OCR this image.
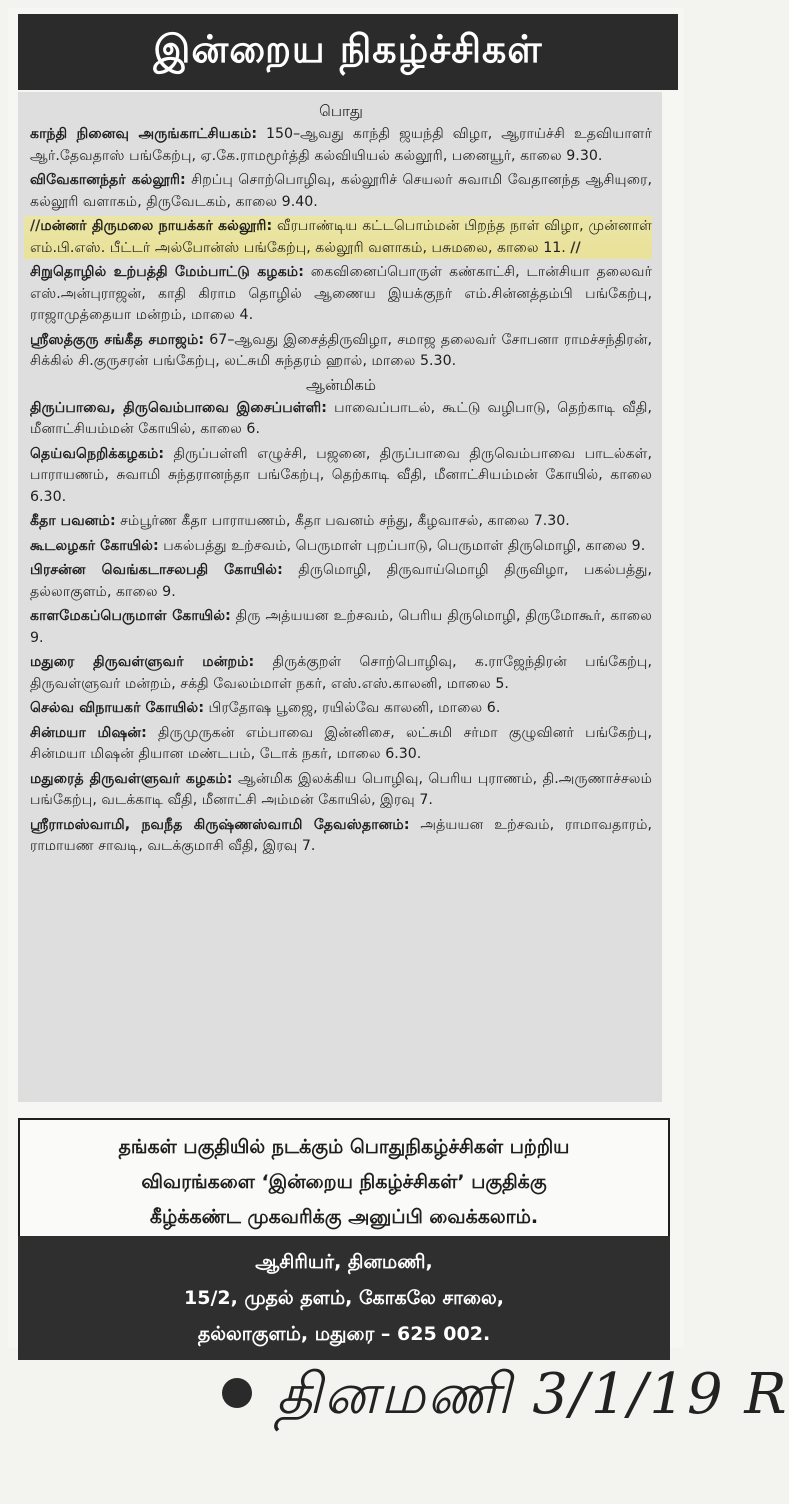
இன்றைய நிகழ்ச்சிகள்
பொது

காந்தி நினைவு அருங்காட்சியகம்: 150–ஆவது காந்தி ஜயந்தி விழா, ஆராய்ச்சி உதவியாளர் ஆர்.தேவதாஸ் பங்கேற்பு, ஏ.கே.ராமமூர்த்தி கல்வியியல் கல்லூரி, பனையூர், காலை 9.30.

விவேகானந்தர் கல்லூரி: சிறப்பு சொற்பொழிவு, கல்லூரிச் செயலர் சுவாமி வேதானந்த ஆசியுரை, கல்லூரி வளாகம், திருவேடகம், காலை 9.40.

//மன்னர் திருமலை நாயக்கர் கல்லூரி: வீரபாண்டிய கட்டபொம்மன் பிறந்த நாள் விழா, முன்னாள் எம்.பி.எஸ். பீட்டர் அல்போன்ஸ் பங்கேற்பு, கல்லூரி வளாகம், பசுமலை, காலை 11. //

சிறுதொழில் உற்பத்தி மேம்பாட்டு கழகம்: கைவினைப்பொருள் கண்காட்சி, டான்சியா தலைவர் எஸ்.அன்புராஜன், காதி கிராம தொழில் ஆணைய இயக்குநர் எம்.சின்னத்தம்பி பங்கேற்பு, ராஜாமுத்தையா மன்றம், மாலை 4.

ஸ்ரீஸத்குரு சங்கீத சமாஜம்: 67–ஆவது இசைத்திருவிழா, சமாஜ தலைவர் சோபனா ராமச்சந்திரன், சிக்கில் சி.குருசரன் பங்கேற்பு, லட்சுமி சுந்தரம் ஹால், மாலை 5.30.

ஆன்மிகம்

திருப்பாவை, திருவெம்பாவை இசைப்பள்ளி: பாவைப்பாடல், கூட்டு வழிபாடு, தெற்காடி வீதி, மீனாட்சியம்மன் கோயில், காலை 6.

தெய்வநெறிக்கழகம்: திருப்பள்ளி எழுச்சி, பஜனை, திருப்பாவை திருவெம்பாவை பாடல்கள், பாராயணம், சுவாமி சுந்தரானந்தா பங்கேற்பு, தெற்காடி வீதி, மீனாட்சியம்மன் கோயில், காலை 6.30.

கீதா பவனம்: சம்பூர்ண கீதா பாராயணம், கீதா பவனம் சந்து, கீழவாசல், காலை 7.30.

கூடலழகர் கோயில்: பகல்பத்து உற்சவம், பெருமாள் புறப்பாடு, பெருமாள் திருமொழி, காலை 9.

பிரசன்ன வெங்கடாசலபதி கோயில்: திருமொழி, திருவாய்மொழி திருவிழா, பகல்பத்து, தல்லாகுளம், காலை 9.

காளமேகப்பெருமாள் கோயில்: திரு அத்யயன உற்சவம், பெரிய திருமொழி, திருமோகூர், காலை 9.

மதுரை திருவள்ளுவர் மன்றம்: திருக்குறள் சொற்பொழிவு, க.ராஜேந்திரன் பங்கேற்பு, திருவள்ளுவர் மன்றம், சக்தி வேலம்மாள் நகர், எஸ்.எஸ்.காலனி, மாலை 5.

செல்வ விநாயகர் கோயில்: பிரதோஷ பூஜை, ரயில்வே காலனி, மாலை 6.

சின்மயா மிஷன்: திருமுருகன் எம்பாவை இன்னிசை, லட்சுமி சர்மா குழுவினர் பங்கேற்பு, சின்மயா மிஷன் தியான மண்டபம், டோக் நகர், மாலை 6.30.

மதுரைத் திருவள்ளுவர் கழகம்: ஆன்மிக இலக்கிய பொழிவு, பெரிய புராணம், தி.அருணாச்சலம் பங்கேற்பு, வடக்காடி வீதி, மீனாட்சி அம்மன் கோயில், இரவு 7.

ஸ்ரீராமஸ்வாமி, நவநீத கிருஷ்ணஸ்வாமி தேவஸ்தானம்: அத்யயன உற்சவம், ராமாவதாரம், ராமாயண சாவடி, வடக்குமாசி வீதி, இரவு 7.

தங்கள் பகுதியில் நடக்கும் பொதுநிகழ்ச்சிகள் பற்றிய
விவரங்களை ‘இன்றைய நிகழ்ச்சிகள்’ பகுதிக்கு
கீழ்க்கண்ட முகவரிக்கு அனுப்பி வைக்கலாம்.
ஆசிரியர், தினமணி,
15/2, முதல் தளம், கோகலே சாலை,
தல்லாகுளம், மதுரை – 625 002.
தினமணி 3/1/19 R
